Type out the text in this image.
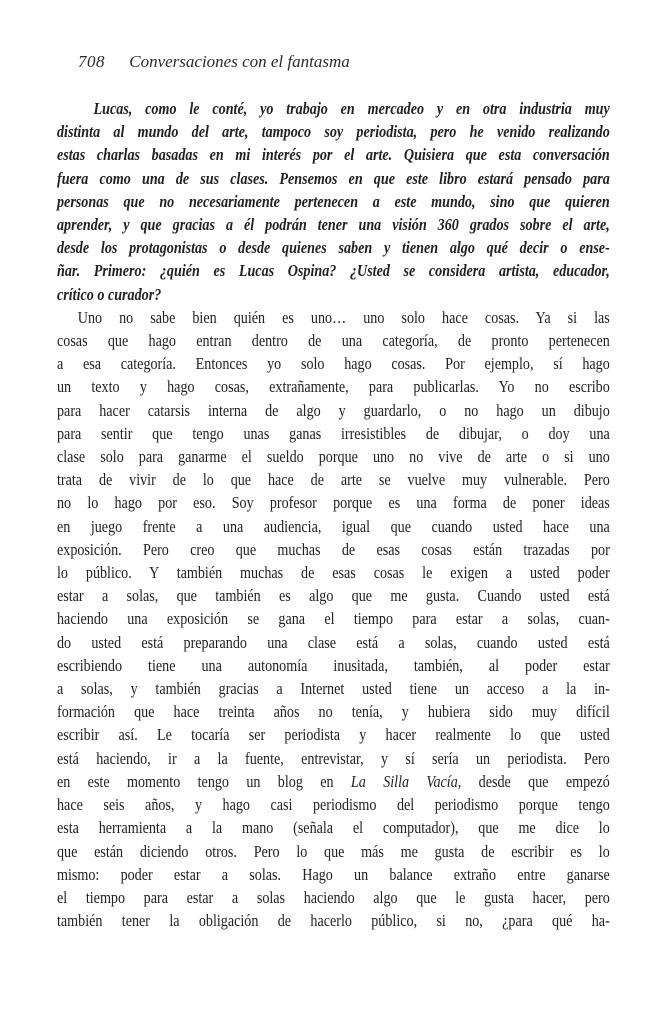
708 Conversaciones con el fantasma
Lucas, como le conté, yo trabajo en mercadeo y en otra industria muy
distinta al mundo del arte, tampoco soy periodista, pero he venido realizando
estas charlas basadas en mi interés por el arte. Quisiera que esta conversación
fuera como una de sus clases. Pensemos en que este libro estará pensado para
personas que no necesariamente pertenecen a este mundo, sino que quieren
aprender, y que gracias a él podrán tener una visión 360 grados sobre el arte,
desde los protagonistas o desde quienes saben y tienen algo qué decir o ense-
ñar. Primero: ¿quién es Lucas Ospina? ¿Usted se considera artista, educador,
crítico o curador?
Uno no sabe bien quién es uno… uno solo hace cosas. Ya si las
cosas que hago entran dentro de una categoría, de pronto pertenecen
a esa categoría. Entonces yo solo hago cosas. Por ejemplo, sí hago
un texto y hago cosas, extrañamente, para publicarlas. Yo no escribo
para hacer catarsis interna de algo y guardarlo, o no hago un dibujo
para sentir que tengo unas ganas irresistibles de dibujar, o doy una
clase solo para ganarme el sueldo porque uno no vive de arte o si uno
trata de vivir de lo que hace de arte se vuelve muy vulnerable. Pero
no lo hago por eso. Soy profesor porque es una forma de poner ideas
en juego frente a una audiencia, igual que cuando usted hace una
exposición. Pero creo que muchas de esas cosas están trazadas por
lo público. Y también muchas de esas cosas le exigen a usted poder
estar a solas, que también es algo que me gusta. Cuando usted está
haciendo una exposición se gana el tiempo para estar a solas, cuan-
do usted está preparando una clase está a solas, cuando usted está
escribiendo tiene una autonomía inusitada, también, al poder estar
a solas, y también gracias a Internet usted tiene un acceso a la in-
formación que hace treinta años no tenía, y hubiera sido muy difícil
escribir así. Le tocaría ser periodista y hacer realmente lo que usted
está haciendo, ir a la fuente, entrevistar, y sí sería un periodista. Pero
en este momento tengo un blog en La Silla Vacía, desde que empezó
hace seis años, y hago casi periodismo del periodismo porque tengo
esta herramienta a la mano (señala el computador), que me dice lo
que están diciendo otros. Pero lo que más me gusta de escribir es lo
mismo: poder estar a solas. Hago un balance extraño entre ganarse
el tiempo para estar a solas haciendo algo que le gusta hacer, pero
también tener la obligación de hacerlo público, si no, ¿para qué ha-
